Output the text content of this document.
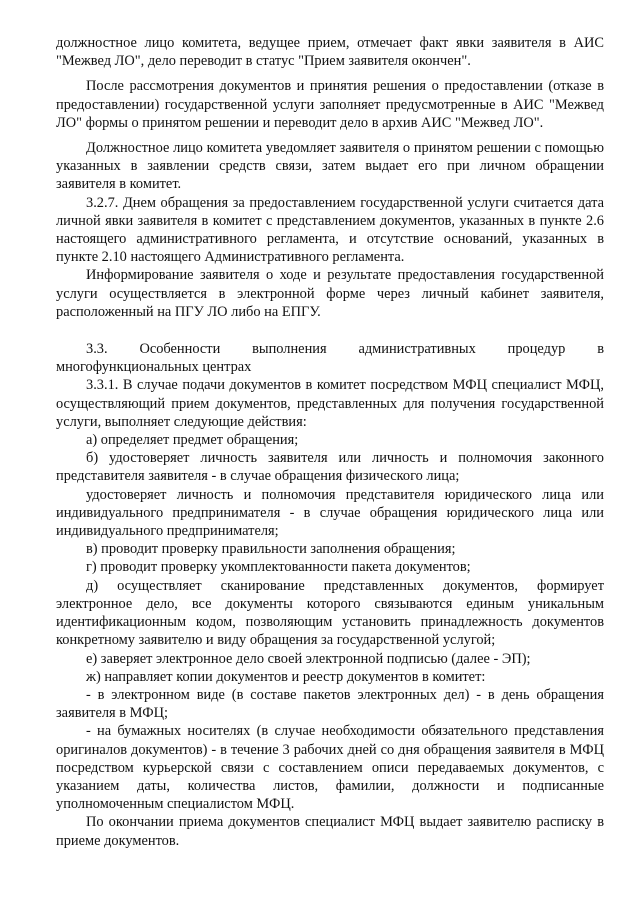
должностное лицо комитета, ведущее прием, отмечает факт явки заявителя в АИС "Межвед ЛО", дело переводит в статус "Прием заявителя окончен".

После рассмотрения документов и принятия решения о предоставлении (отказе в предоставлении) государственной услуги заполняет предусмотренные в АИС "Межвед ЛО" формы о принятом решении и переводит дело в архив АИС "Межвед ЛО".

Должностное лицо комитета уведомляет заявителя о принятом решении с помощью указанных в заявлении средств связи, затем выдает его при личном обращении заявителя в комитет.

3.2.7. Днем обращения за предоставлением государственной услуги считается дата личной явки заявителя в комитет с представлением документов, указанных в пункте 2.6 настоящего административного регламента, и отсутствие оснований, указанных в пункте 2.10 настоящего Административного регламента.

Информирование заявителя о ходе и результате предоставления государственной услуги осуществляется в электронной форме через личный кабинет заявителя, расположенный на ПГУ ЛО либо на ЕПГУ.

3.3. Особенности выполнения административных процедур в многофункциональных центрах

3.3.1. В случае подачи документов в комитет посредством МФЦ специалист МФЦ, осуществляющий прием документов, представленных для получения государственной услуги, выполняет следующие действия:

а) определяет предмет обращения;

б) удостоверяет личность заявителя или личность и полномочия законного представителя заявителя - в случае обращения физического лица;

удостоверяет личность и полномочия представителя юридического лица или индивидуального предпринимателя - в случае обращения юридического лица или индивидуального предпринимателя;

в) проводит проверку правильности заполнения обращения;

г) проводит проверку укомплектованности пакета документов;

д) осуществляет сканирование представленных документов, формирует электронное дело, все документы которого связываются единым уникальным идентификационным кодом, позволяющим установить принадлежность документов конкретному заявителю и виду обращения за государственной услугой;

е) заверяет электронное дело своей электронной подписью (далее - ЭП);

ж) направляет копии документов и реестр документов в комитет:

- в электронном виде (в составе пакетов электронных дел) - в день обращения заявителя в МФЦ;

- на бумажных носителях (в случае необходимости обязательного представления оригиналов документов) - в течение 3 рабочих дней со дня обращения заявителя в МФЦ посредством курьерской связи с составлением описи передаваемых документов, с указанием даты, количества листов, фамилии, должности и подписанные уполномоченным специалистом МФЦ.

По окончании приема документов специалист МФЦ выдает заявителю расписку в приеме документов.
